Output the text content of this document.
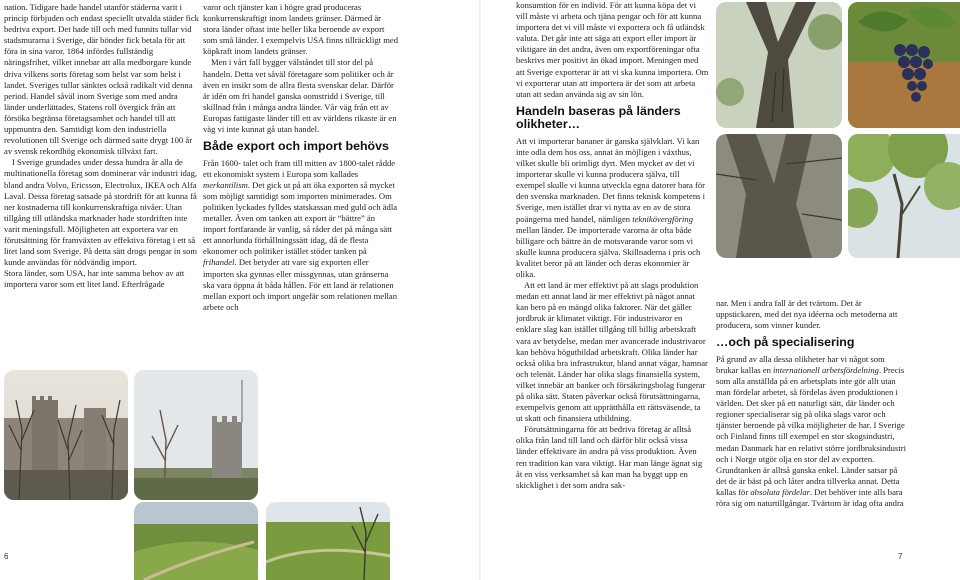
nation. Tidigare hade handel utanför städerna varit i princip förbjuden och endast speciellt utvalda städer fick bedriva export. Det hade till och med funnits tullar vid stadsmurarna i Sverige, där bönder fick betala för att föra in sina varor. 1864 infördes fullständig näringsfrihet, vilket innebar att alla medborgare kunde driva vilkens sorts företag som helst var som helst i landet. Sveriges tullar sänktes också radikalt vid denna period. Handel såväl inom Sverige som med andra länder underlättades. Statens roll övergick från att försöka begränsa företagsamhet och handel till att uppmuntra den. Samtidigt kom den industriella revolutionen till Sverige och därmed satte drygt 100 år av svensk rekordhög ekonomisk tillväxt fart.

I Sverige grundades under dessa hundra år alla de multinationella företag som dominerar vår industri idag, bland andra Volvo, Ericsson, Electrolux, IKEA och Alfa Laval. Dessa företag satsade på stordrift för att kunna få ner kostnaderna till konkurrenskraftiga nivåer. Utan tillgång till utländska marknader hade stordriften inte varit meningsfull. Möjligheten att exportera var en förutsättning för framväxten av effektiva företag i ett så litet land som Sverige. På detta sätt drogs pengar in som kunde användas för nödvändig import.

Stora länder, som USA, har inte samma behov av att importera varor som ett litet land. Efterfrågade

varor och tjänster kan i högre grad produceras konkurrenskraftigt inom landets gränser. Därmed är stora länder oftast inte heller lika beroende av export som små länder. I exempelvis USA finns tillräckligt med köpkraft inom landets gränser.

Men i vårt fall bygger välståndet till stor del på handeln. Detta vet såväl företagare som politiker och är även en insikt som de allra flesta svenskar delar. Därför är idén om fri handel ganska oomstridd i Sverige, till skillnad från i många andra länder. Vår väg från ett av Europas fattigaste länder till ett av världens rikaste är en väg vi inte kunnat gå utan handel.

Både export och import behövs

Från 1600- talet och fram till mitten av 1800-talet rådde ett ekonomiskt system i Europa som kallades merkantilism. Det gick ut på att öka exporten så mycket som möjligt samtidigt som importen minimerades. Om politiken lyckades fylldes statskassan med guld och ädla metaller. Även om tanken att export är “bättre” än import fortfarande är vanlig, så råder det på många sätt ett annorlunda förhållningssätt idag, då de flesta ekonomer och politiker istället stöder tanken på frihandel. Det betyder att vare sig exporten eller importen ska gynnas eller missgynnas, utan gränserna ska vara öppna åt båda hållen. För ett land är relationen mellan export och import ungefär som relationen mellan arbete och

6

konsumtion för en individ. För att kunna köpa det vi vill måste vi arbeta och tjäna pengar och för att kunna importera det vi vill måste vi exportera och få utländsk valuta. Det går inte att säga att export eller import är viktigare än det andra, även om exportföreningar ofta beskrivs mer positivt än ökad import. Meningen med att Sverige exporterar är att vi ska kunna importera. Om vi exporterar utan att importera är det som att arbeta utan att sedan använda sig av sin lön.

Handeln baseras på länders olikheter…

Att vi importerar bananer är ganska självklart. Vi kan inte odla dem hos oss, annat än möjligen i växthus, vilket skulle bli orimligt dyrt. Men mycket av det vi importerar skulle vi kunna producera själva, till exempel skulle vi kunna utveckla egna datorer bara för den svenska marknaden. Det finns teknisk kompetens i Sverige, men istället drar vi nytta av en av de stora poängerna med handel, nämligen teknikövergföring mellan länder. De importerade varorna är ofta både billigare och bättre än de motsvarande varor som vi skulle kunna producera själva. Skillnaderna i pris och kvalitet beror på att länder och deras ekonomier är olika.

Att ett land är mer effektivt på att slags produktion medan ett annat land är mer effektivt på något annat kan bero på en mängd olika faktorer. När det gäller jordbruk är klimatet viktigt. För industrivaror en enklare slag kan istället tillgång till billig arbetskraft vara av betydelse, medan mer avancerade industrivaror kan behöva högutbildad arbetskraft. Olika länder har också olika bra infrastruktur, bland annat vägar, hamnar och telenät. Länder har olika slags finansiella system, vilket innebär att banker och försäkringsbolag fungerar på olika sätt. Staten påverkar också förutsättningarna, exempelvis genom att upprätthålla ett rättsväsende, ta ut skatt och finansiera utbildning.

Förutsättningarna för att bedriva företag är alltså olika från land till land och därför blir också vissa länder effektivare än andra på viss produktion. Även ren tradition kan vara viktigt. Har man länge ägnat sig åt en viss verksamhet så kan man ha byggt upp en skicklighet i det som andra sak-

nar. Men i andra fall är det tvärtom. Det är uppstickaren, med det nya idéerna och metoderna att producera, som vinner kunder.

…och på specialisering

På grund av alla dessa olikheter har vi något som brukar kallas en internationell arbetsfördelning. Precis som alla anställda på en arbetsplats inte gör allt utan man fördelar arbetet, så fördelas även produktionen i världen. Det sker på ett naturligt sätt, där länder och regioner specialiserar sig på olika slags varor och tjänster beroende på vilka möjligheter de har. I Sverige och Finland finns till exempel en stor skogsindustri, medan Danmark har en relativt större jordbruksindustri och i Norge utgör olja en stor del av exporten. Grundtanken är alltså ganska enkel. Länder satsar på det de är bäst på och låter andra tillverka annat. Detta kallas för absoluta fördelar. Det behöver inte alls bara röra sig om naturtillgångar. Tvärtom är idag ofta andra

7
